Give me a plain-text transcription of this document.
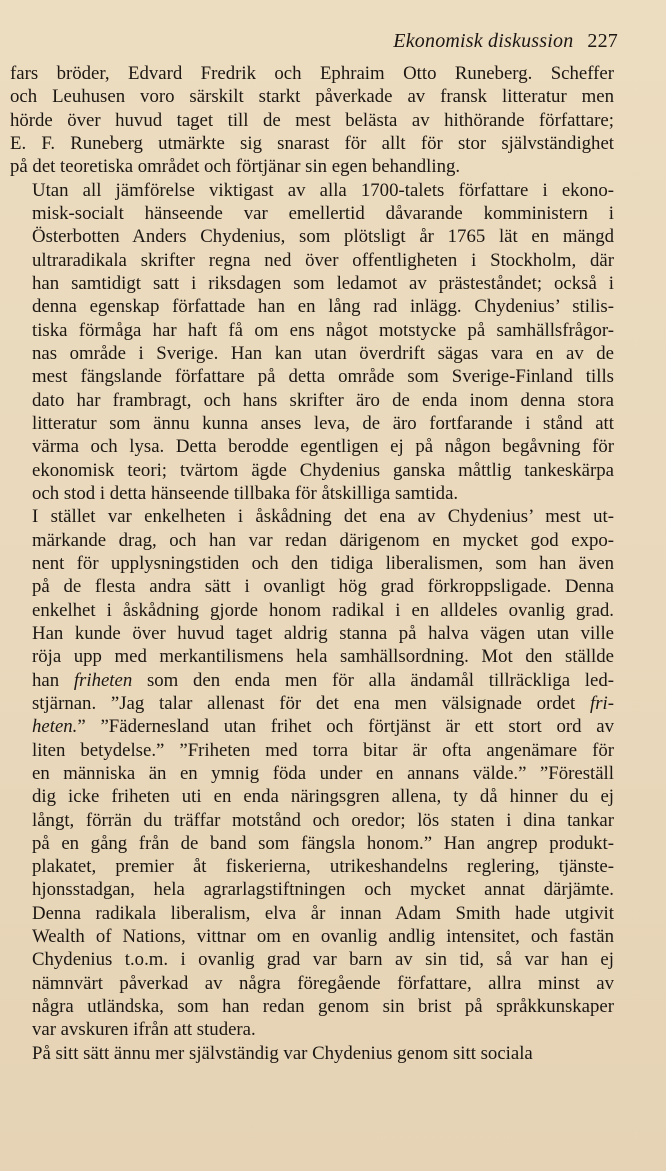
Ekonomisk diskussion 227
fars bröder, Edvard Fredrik och Ephraim Otto Runeberg. Scheffer
och Leuhusen voro särskilt starkt påverkade av fransk litteratur men
hörde över huvud taget till de mest belästa av hithörande författare;
E. F. Runeberg utmärkte sig snarast för allt för stor självständighet
på det teoretiska området och förtjänar sin egen behandling.
Utan all jämförelse viktigast av alla 1700-talets författare i ekono-
misk-socialt hänseende var emellertid dåvarande komministern i
Österbotten Anders Chydenius, som plötsligt år 1765 lät en mängd
ultraradikala skrifter regna ned över offentligheten i Stockholm, där
han samtidigt satt i riksdagen som ledamot av prästeståndet; också i
denna egenskap författade han en lång rad inlägg. Chydenius’ stilis-
tiska förmåga har haft få om ens något motstycke på samhällsfrågor-
nas område i Sverige. Han kan utan överdrift sägas vara en av de
mest fängslande författare på detta område som Sverige-Finland tills
dato har frambragt, och hans skrifter äro de enda inom denna stora
litteratur som ännu kunna anses leva, de äro fortfarande i stånd att
värma och lysa. Detta berodde egentligen ej på någon begåvning för
ekonomisk teori; tvärtom ägde Chydenius ganska måttlig tankeskärpa
och stod i detta hänseende tillbaka för åtskilliga samtida.
I stället var enkelheten i åskådning det ena av Chydenius’ mest ut-
märkande drag, och han var redan därigenom en mycket god expo-
nent för upplysningstiden och den tidiga liberalismen, som han även
på de flesta andra sätt i ovanligt hög grad förkroppsligade. Denna
enkelhet i åskådning gjorde honom radikal i en alldeles ovanlig grad.
Han kunde över huvud taget aldrig stanna på halva vägen utan ville
röja upp med merkantilismens hela samhällsordning. Mot den ställde
han friheten som den enda men för alla ändamål tillräckliga led-
stjärnan. ”Jag talar allenast för det ena men välsignade ordet fri-
heten.” ”Fädernesland utan frihet och förtjänst är ett stort ord av
liten betydelse.” ”Friheten med torra bitar är ofta angenämare för
en människa än en ymnig föda under en annans välde.” ”Föreställ
dig icke friheten uti en enda näringsgren allena, ty då hinner du ej
långt, förrän du träffar motstånd och oredor; lös staten i dina tankar
på en gång från de band som fängsla honom.” Han angrep produkt-
plakatet, premier åt fiskerierna, utrikeshandelns reglering, tjänste-
hjonsstadgan, hela agrarlagstiftningen och mycket annat därjämte.
Denna radikala liberalism, elva år innan Adam Smith hade utgivit
Wealth of Nations, vittnar om en ovanlig andlig intensitet, och fastän
Chydenius t.o.m. i ovanlig grad var barn av sin tid, så var han ej
nämnvärt påverkad av några föregående författare, allra minst av
några utländska, som han redan genom sin brist på språkkunskaper
var avskuren ifrån att studera.
På sitt sätt ännu mer självständig var Chydenius genom sitt sociala
